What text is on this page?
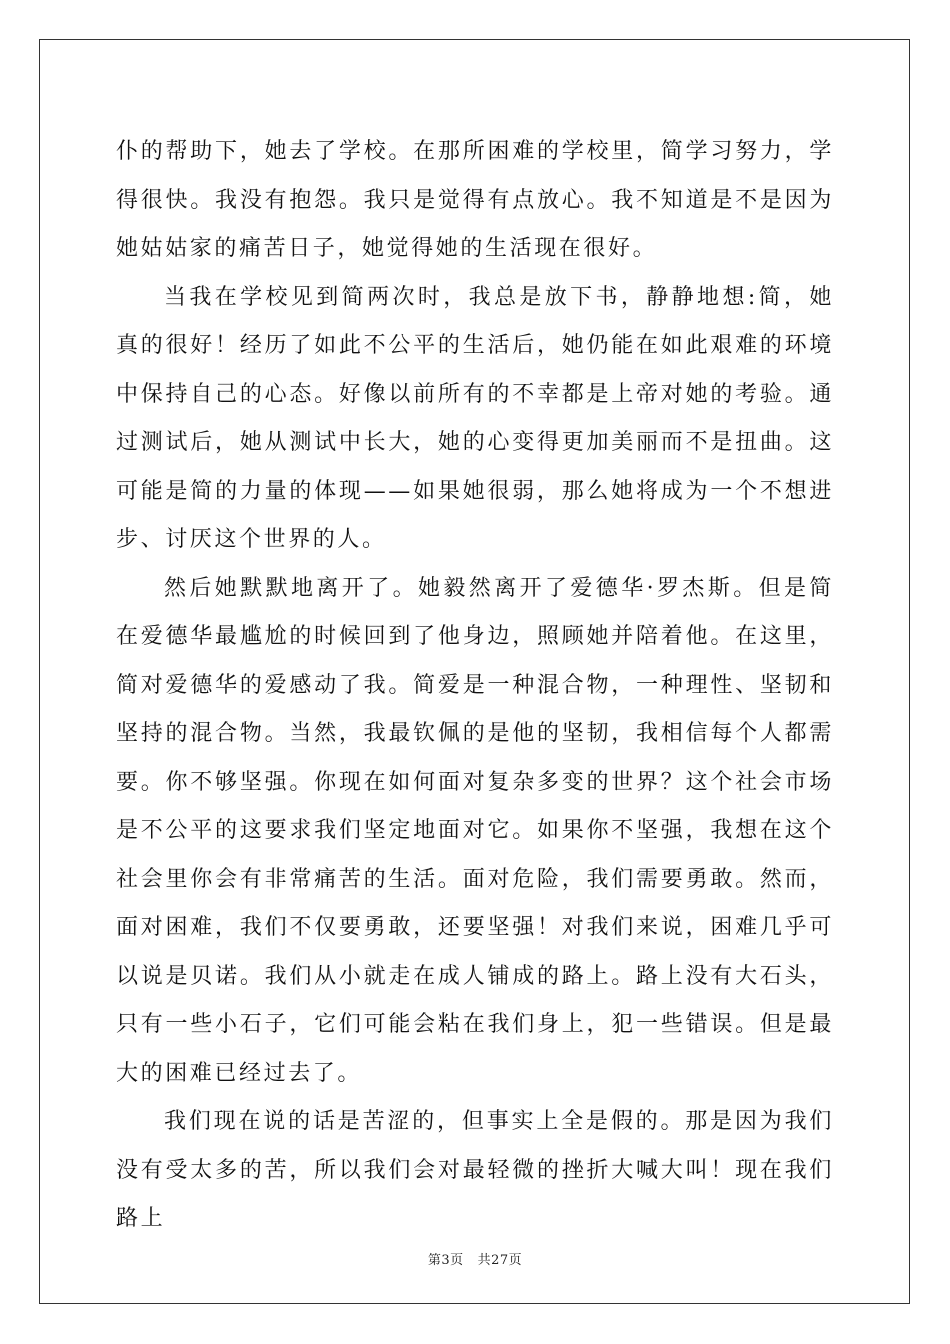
仆的帮助下，她去了学校。在那所困难的学校里，简学习努力，学得很快。我没有抱怨。我只是觉得有点放心。我不知道是不是因为她姑姑家的痛苦日子，她觉得她的生活现在很好。

当我在学校见到简两次时，我总是放下书，静静地想:简，她真的很好！经历了如此不公平的生活后，她仍能在如此艰难的环境中保持自己的心态。好像以前所有的不幸都是上帝对她的考验。通过测试后，她从测试中长大，她的心变得更加美丽而不是扭曲。这可能是简的力量的体现——如果她很弱，那么她将成为一个不想进步、讨厌这个世界的人。

然后她默默地离开了。她毅然离开了爱德华·罗杰斯。但是简在爱德华最尴尬的时候回到了他身边，照顾她并陪着他。在这里，简对爱德华的爱感动了我。简爱是一种混合物，一种理性、坚韧和坚持的混合物。当然，我最钦佩的是他的坚韧，我相信每个人都需要。你不够坚强。你现在如何面对复杂多变的世界？这个社会市场是不公平的这要求我们坚定地面对它。如果你不坚强，我想在这个社会里你会有非常痛苦的生活。面对危险，我们需要勇敢。然而，面对困难，我们不仅要勇敢，还要坚强！对我们来说，困难几乎可以说是贝诺。我们从小就走在成人铺成的路上。路上没有大石头，只有一些小石子，它们可能会粘在我们身上，犯一些错误。但是最大的困难已经过去了。

我们现在说的话是苦涩的，但事实上全是假的。那是因为我们没有受太多的苦，所以我们会对最轻微的挫折大喊大叫！现在我们路上

第3页 共27页
